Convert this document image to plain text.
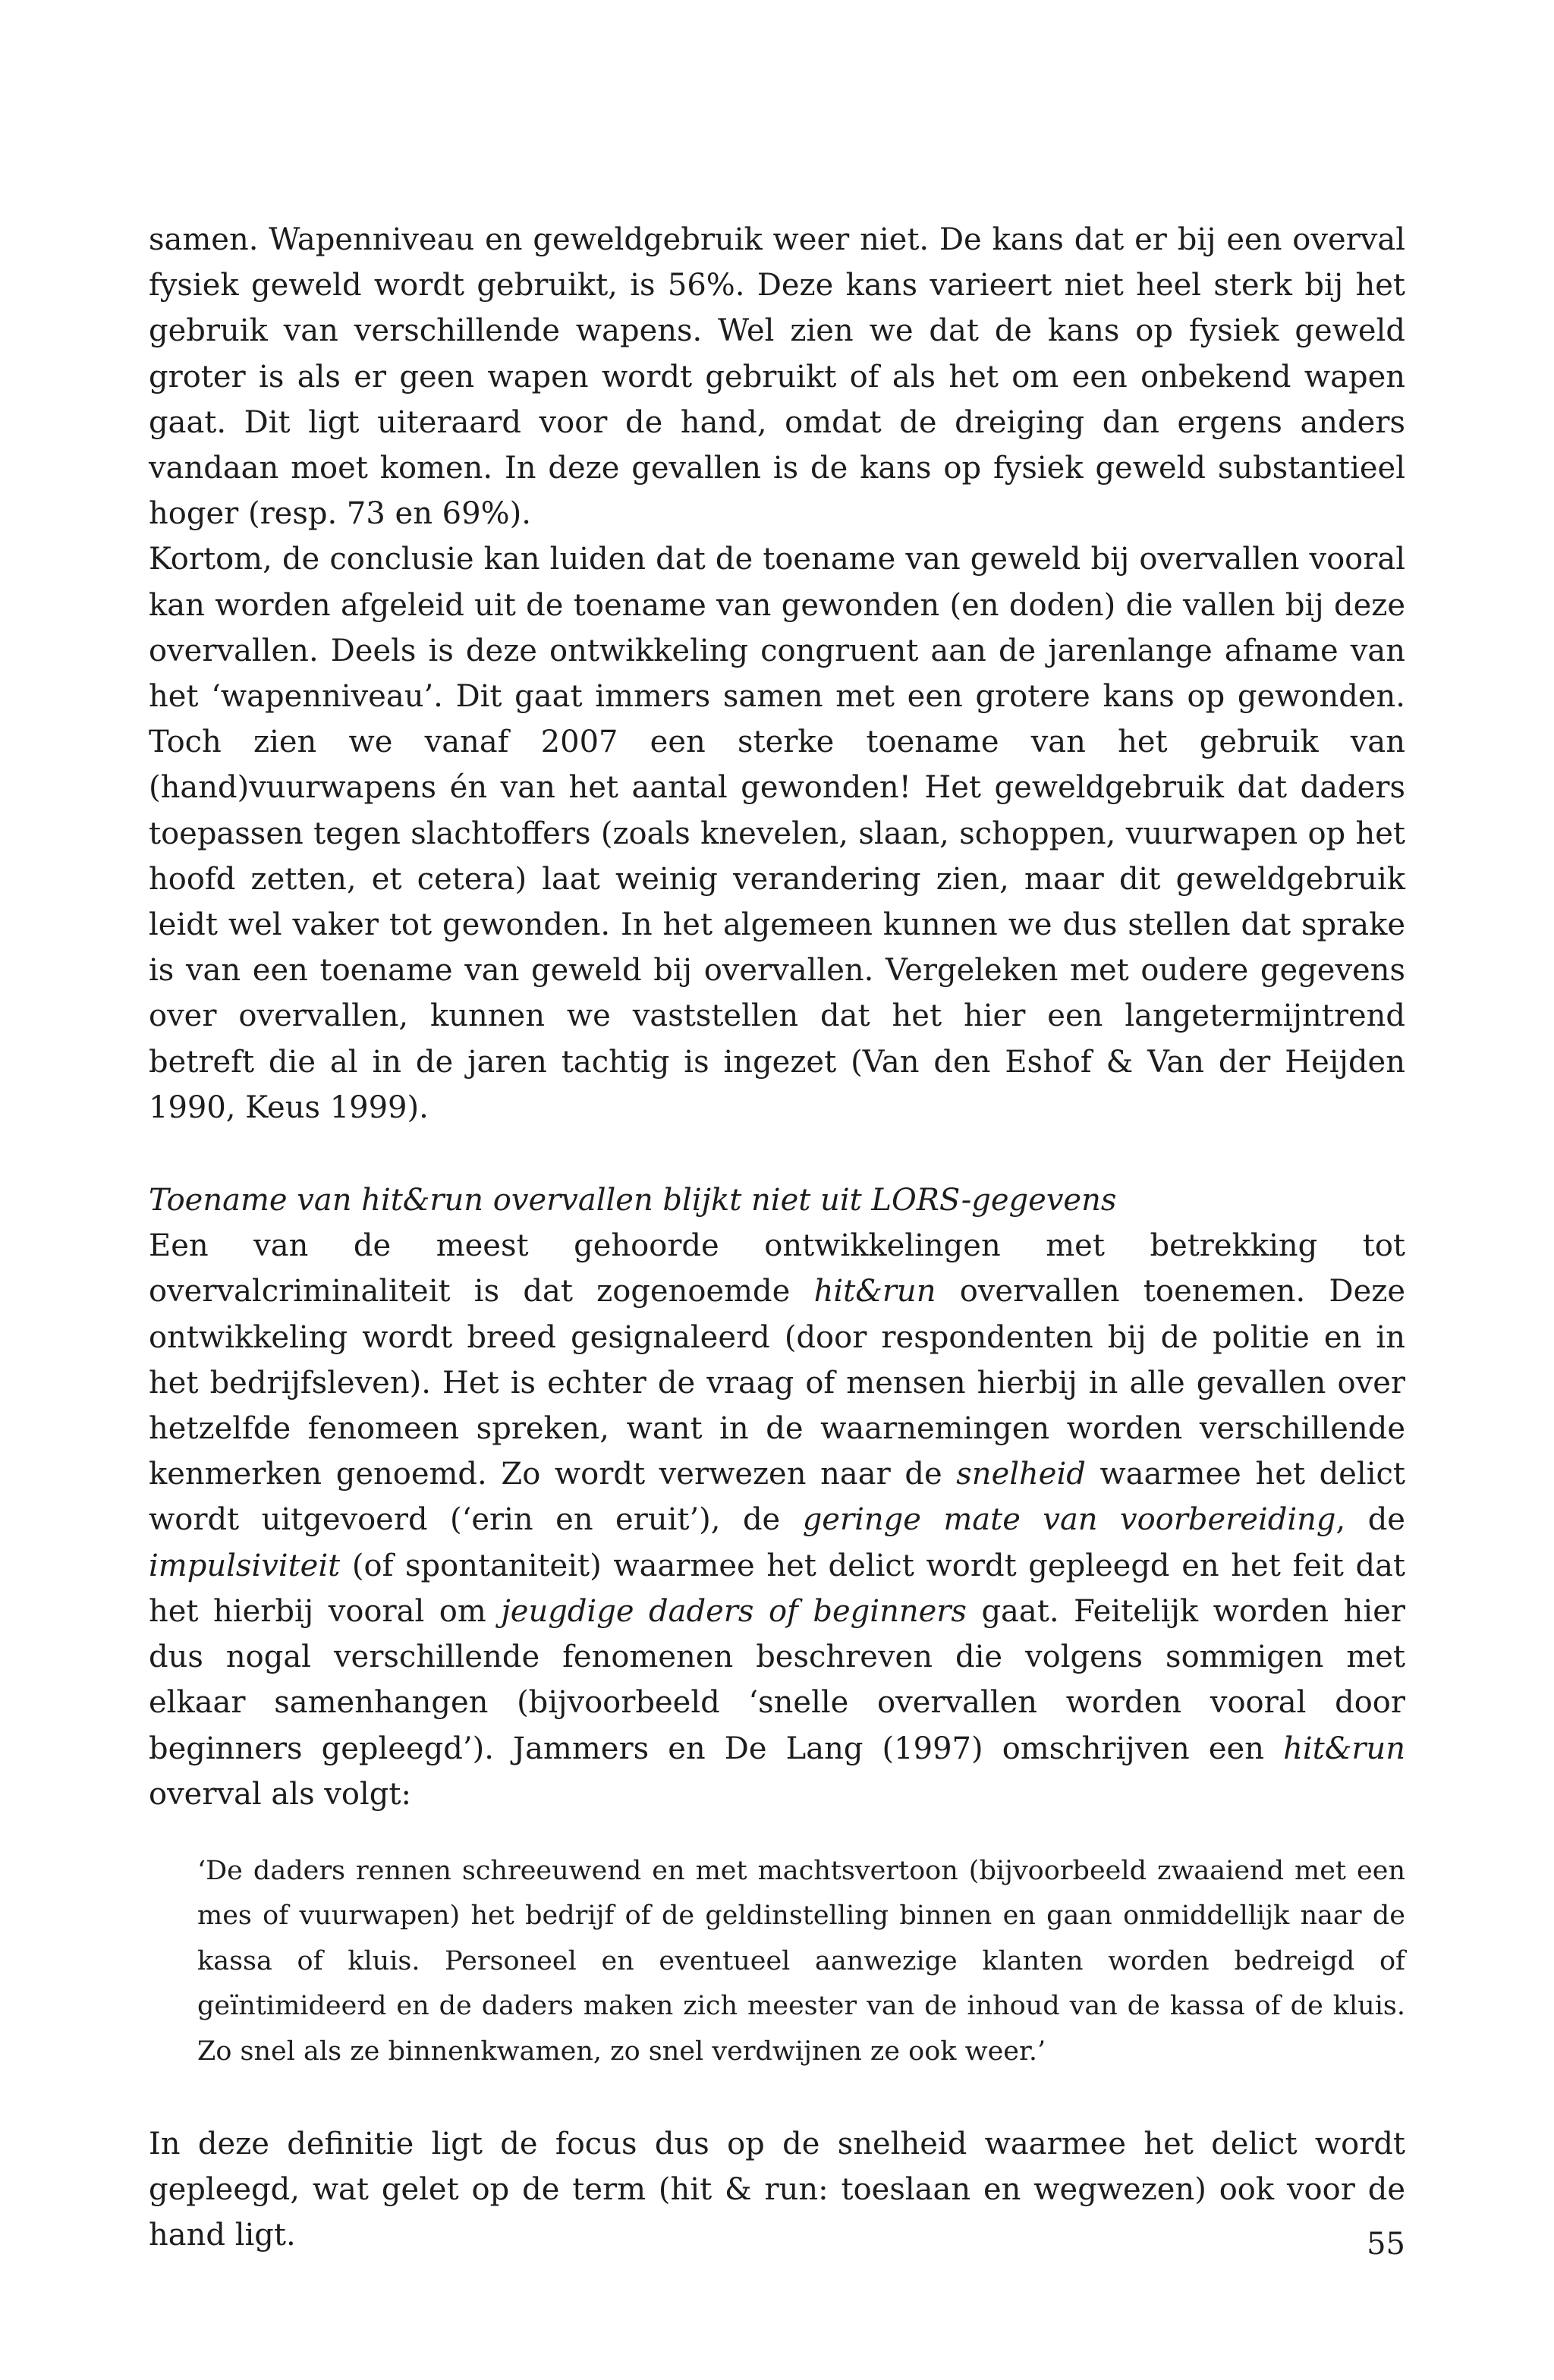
samen. Wapenniveau en geweldgebruik weer niet. De kans dat er bij een overval fysiek geweld wordt gebruikt, is 56%. Deze kans varieert niet heel sterk bij het gebruik van verschillende wapens. Wel zien we dat de kans op fysiek geweld groter is als er geen wapen wordt gebruikt of als het om een onbekend wapen gaat. Dit ligt uiteraard voor de hand, omdat de dreiging dan ergens anders vandaan moet komen. In deze gevallen is de kans op fysiek geweld substantieel hoger (resp. 73 en 69%).

Kortom, de conclusie kan luiden dat de toename van geweld bij overvallen vooral kan worden afgeleid uit de toename van gewonden (en doden) die vallen bij deze overvallen. Deels is deze ontwikkeling congruent aan de jarenlange afname van het ‘wapenniveau’. Dit gaat immers samen met een grotere kans op gewonden. Toch zien we vanaf 2007 een sterke toename van het gebruik van (hand)vuurwapens én van het aantal gewonden! Het geweldgebruik dat daders toepassen tegen slachtoffers (zoals knevelen, slaan, schoppen, vuurwapen op het hoofd zetten, et cetera) laat weinig verandering zien, maar dit geweldgebruik leidt wel vaker tot gewonden. In het algemeen kunnen we dus stellen dat sprake is van een toename van geweld bij overvallen. Vergeleken met oudere gegevens over overvallen, kunnen we vaststellen dat het hier een langetermijntrend betreft die al in de jaren tachtig is ingezet (Van den Eshof & Van der Heijden 1990, Keus 1999).

Toename van hit&run overvallen blijkt niet uit LORS-gegevens

Een van de meest gehoorde ontwikkelingen met betrekking tot overvalcriminaliteit is dat zogenoemde hit&run overvallen toenemen. Deze ontwikkeling wordt breed gesignaleerd (door respondenten bij de politie en in het bedrijfsleven). Het is echter de vraag of mensen hierbij in alle gevallen over hetzelfde fenomeen spreken, want in de waarnemingen worden verschillende kenmerken genoemd. Zo wordt verwezen naar de snelheid waarmee het delict wordt uitgevoerd (‘erin en eruit’), de geringe mate van voorbereiding, de impulsiviteit (of spontaniteit) waarmee het delict wordt gepleegd en het feit dat het hierbij vooral om jeugdige daders of beginners gaat. Feitelijk worden hier dus nogal verschillende fenomenen beschreven die volgens sommigen met elkaar samenhangen (bijvoorbeeld ‘snelle overvallen worden vooral door beginners gepleegd’). Jammers en De Lang (1997) omschrijven een hit&run overval als volgt:

‘De daders rennen schreeuwend en met machtsvertoon (bijvoorbeeld zwaaiend met een mes of vuurwapen) het bedrijf of de geldinstelling binnen en gaan onmiddellijk naar de kassa of kluis. Personeel en eventueel aanwezige klanten worden bedreigd of geïntimideerd en de daders maken zich meester van de inhoud van de kassa of de kluis. Zo snel als ze binnenkwamen, zo snel verdwijnen ze ook weer.’

In deze definitie ligt de focus dus op de snelheid waarmee het delict wordt gepleegd, wat gelet op de term (hit & run: toeslaan en wegwezen) ook voor de hand ligt.	55
